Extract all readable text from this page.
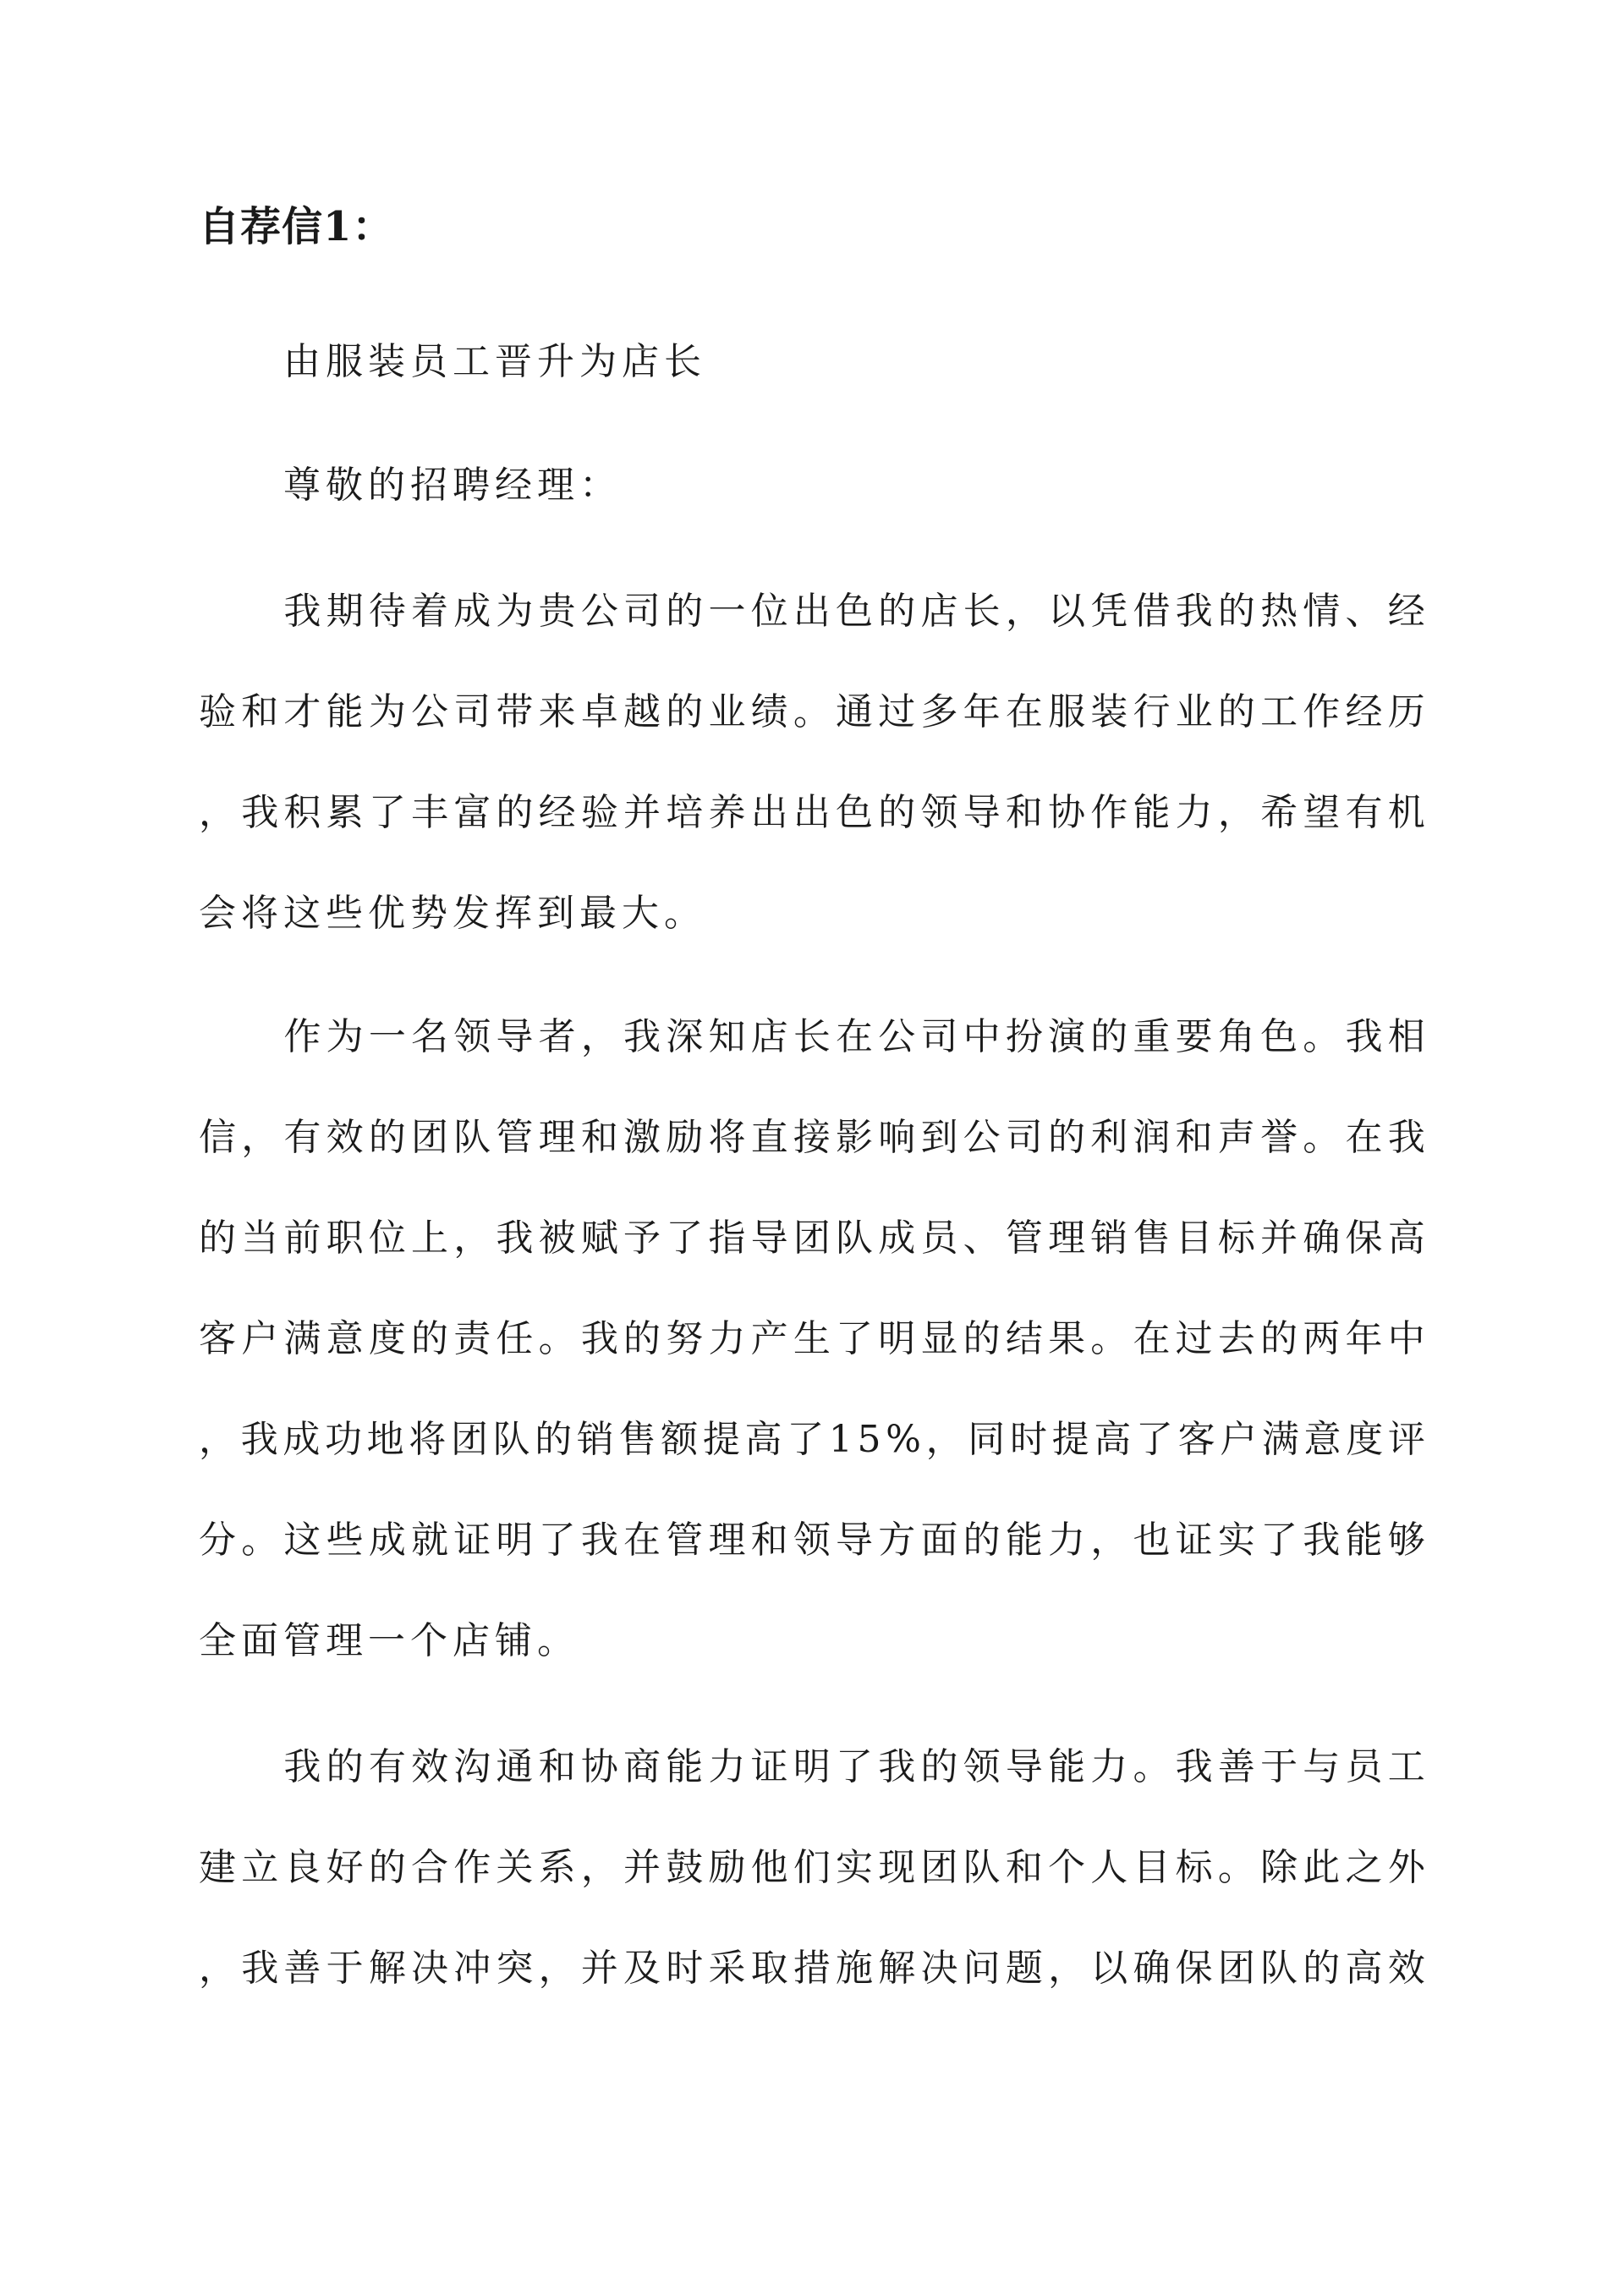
自荐信1：
由服装员工晋升为店长
尊敬的招聘经理：

我 期 待 着 成 为 贵 公 司 的 一 位 出 色 的 店 长 ， 以 凭 借 我 的 热 情 、 经
验 和 才 能 为 公 司 带 来 卓 越 的 业 绩 。 通 过 多 年 在 服 装 行 业 的 工 作 经 历
， 我 积 累 了 丰 富 的 经 验 并 培 养 出 出 色 的 领 导 和 协 作 能 力 ， 希 望 有 机
会将这些优势发挥到最大。

作 为 一 名 领 导 者 ， 我 深 知 店 长 在 公 司 中 扮 演 的 重 要 角 色 。 我 相
信 ， 有 效 的 团 队 管 理 和 激 励 将 直 接 影 响 到 公 司 的 利 润 和 声 誉 。 在 我
的 当 前 职 位 上 ， 我 被 赋 予 了 指 导 团 队 成 员 、 管 理 销 售 目 标 并 确 保 高
客 户 满 意 度 的 责 任 。 我 的 努 力 产 生 了 明 显 的 结 果 。 在 过 去 的 两 年 中
， 我 成 功 地 将 团 队 的 销 售 额 提 高 了 1 5 % ， 同 时 提 高 了 客 户 满 意 度 评
分 。 这 些 成 就 证 明 了 我 在 管 理 和 领 导 方 面 的 能 力 ， 也 证 实 了 我 能 够
全面管理一个店铺。

我 的 有 效 沟 通 和 协 商 能 力 证 明 了 我 的 领 导 能 力 。 我 善 于 与 员 工
建 立 良 好 的 合 作 关 系 ， 并 鼓 励 他 们 实 现 团 队 和 个 人 目 标 。 除 此 之 外
， 我 善 于 解 决 冲 突 ， 并 及 时 采 取 措 施 解 决 问 题 ， 以 确 保 团 队 的 高 效
